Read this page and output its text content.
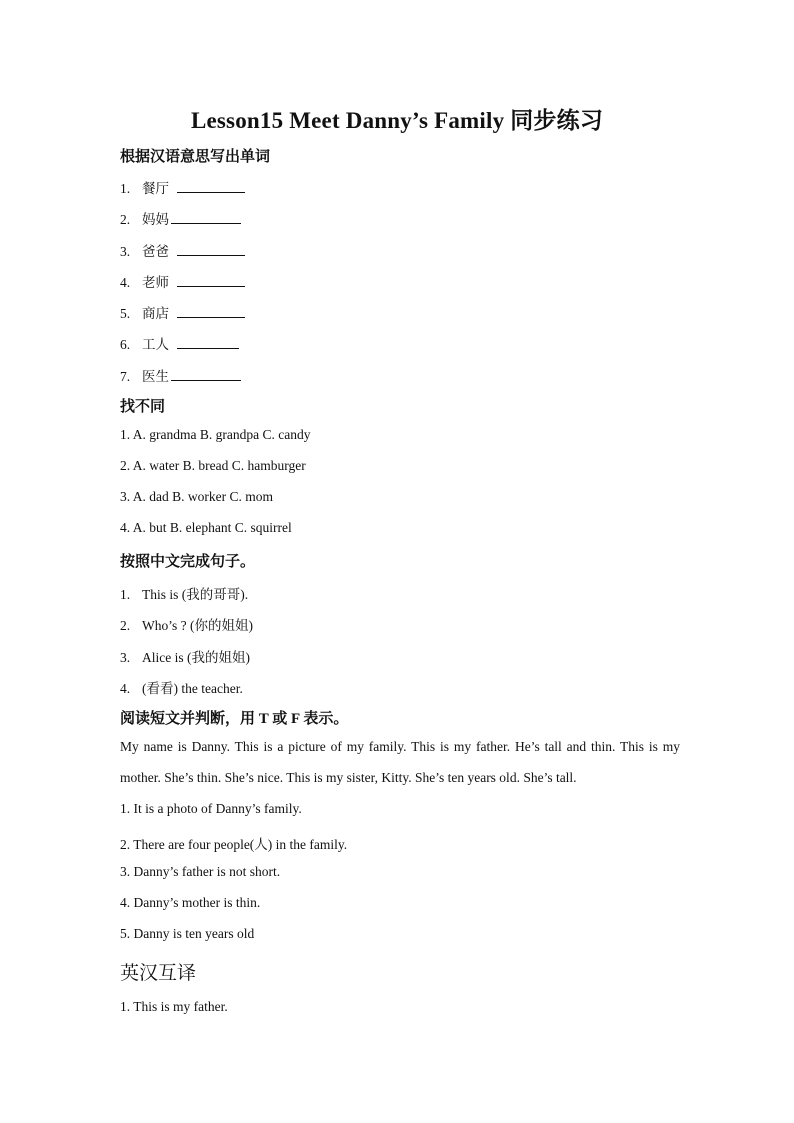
Lesson15 Meet Danny’s Family 同步练习
根据汉语意思写出单词
1. 餐厅
2. 妈妈
3. 爸爸
4. 老师
5. 商店
6. 工人
7. 医生
找不同
1. A. grandma B. grandpa C. candy
2. A. water B. bread C. hamburger
3. A. dad B. worker C. mom
4. A. but B. elephant C. squirrel
按照中文完成句子。
1. This is (我的哥哥).
2. Who’s ? (你的姐姐)
3. Alice is (我的姐姐)
4. (看看) the teacher.
阅读短文并判断，用 T 或 F 表示。
My name is Danny. This is a picture of my family. This is my father. He’s tall and thin. This is my mother. She’s thin. She’s nice. This is my sister, Kitty. She’s ten years old. She’s tall.
1. It is a photo of Danny’s family.
2. There are four people(人) in the family.
3. Danny’s father is not short.
4. Danny’s mother is thin.
5. Danny is ten years old
英汉互译
1. This is my father.
